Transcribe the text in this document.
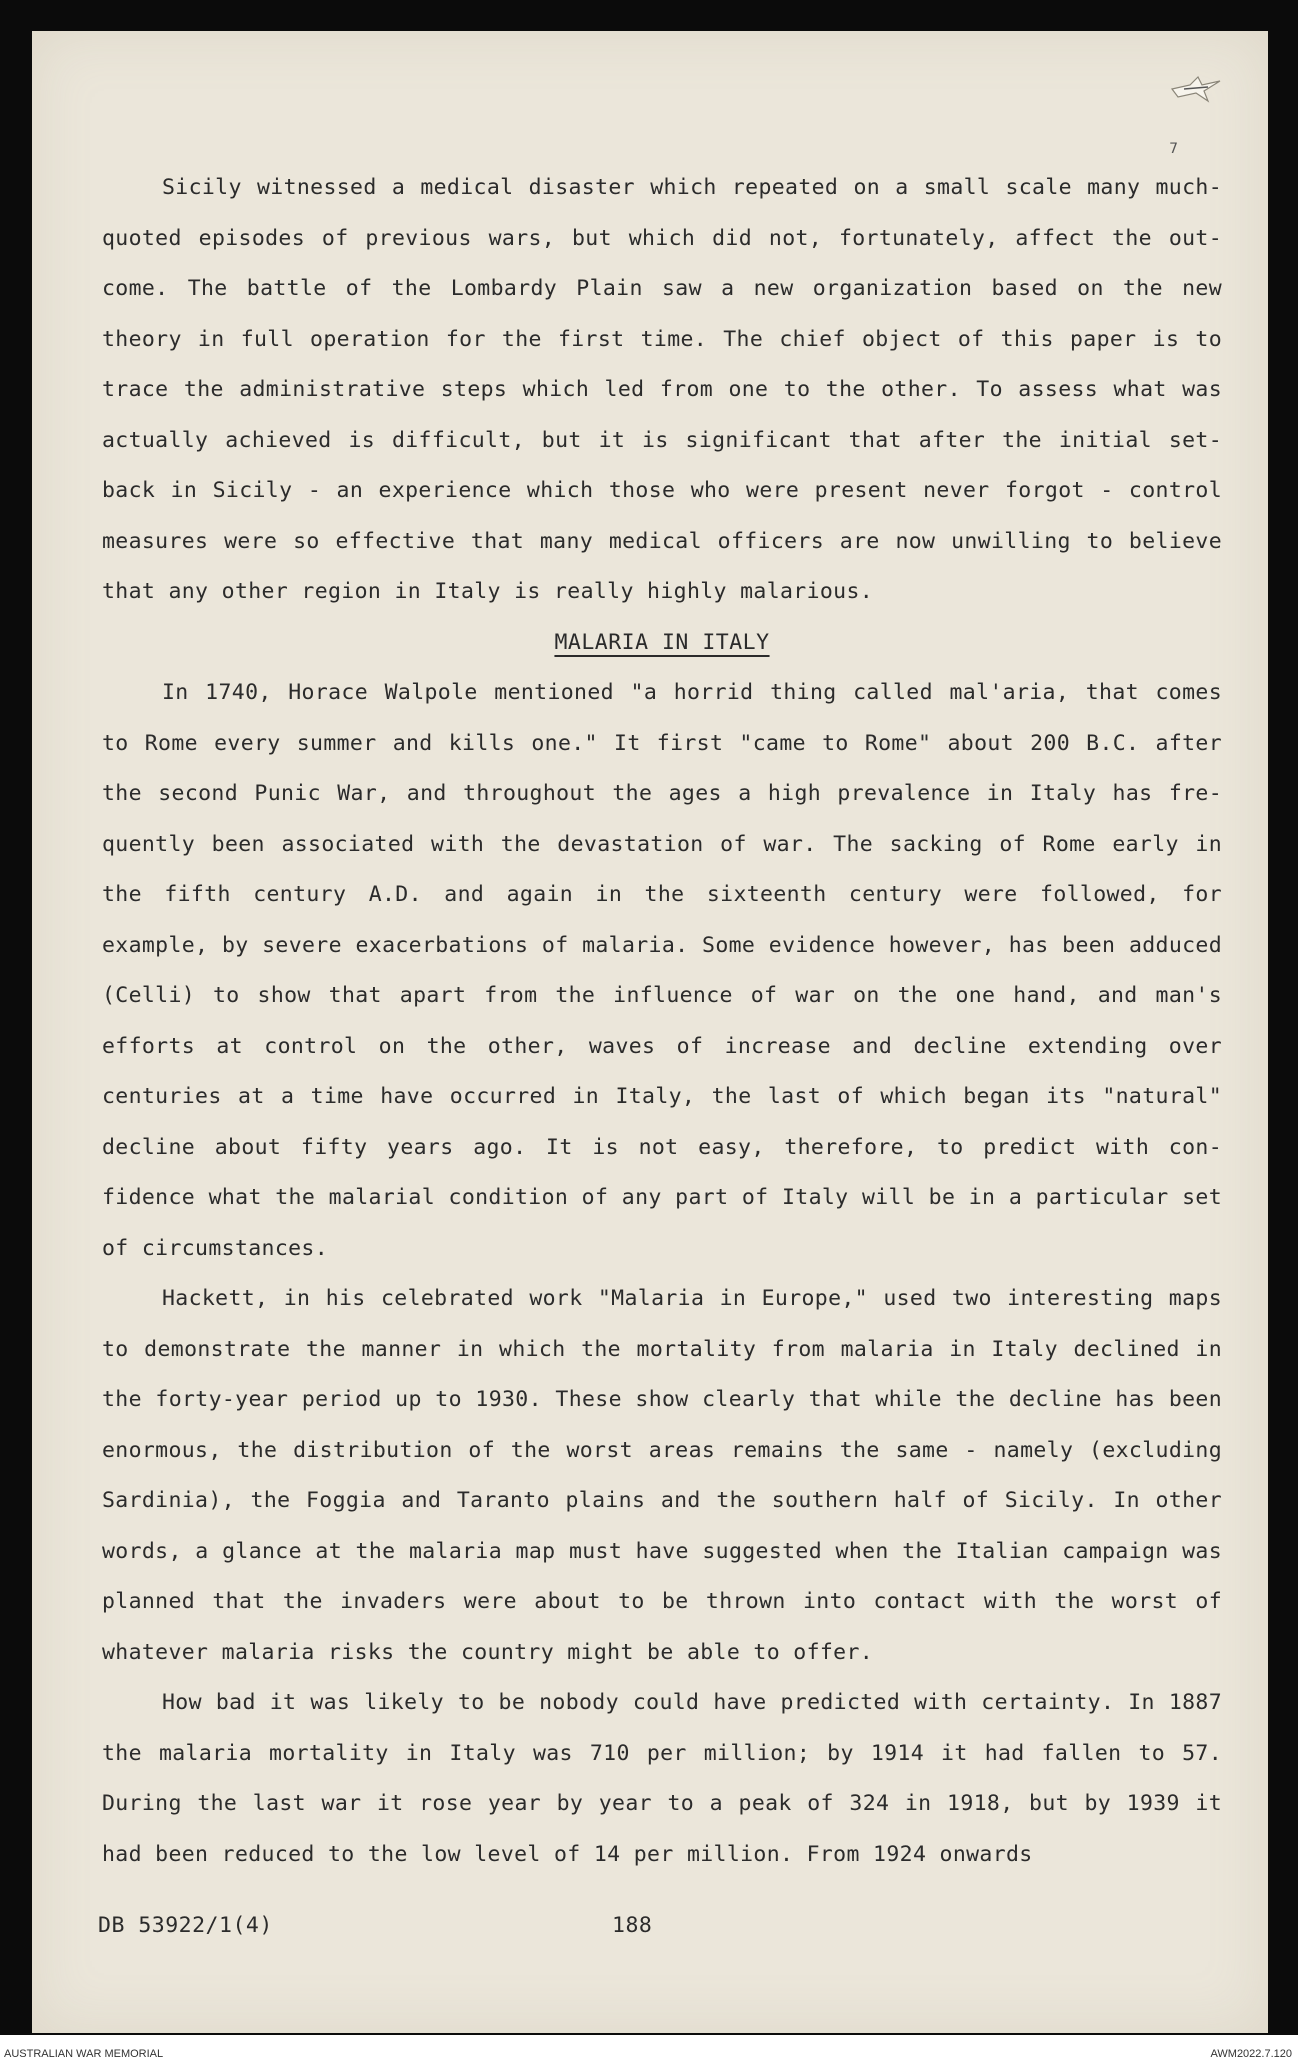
7

Sicily witnessed a medical disaster which repeated on a small scale many much-quoted episodes of previous wars, but which did not, fortunately, affect the out-come. The battle of the Lombardy Plain saw a new organization based on the new theory in full operation for the first time. The chief object of this paper is to trace the administrative steps which led from one to the other. To assess what was actually achieved is difficult, but it is significant that after the initial set-back in Sicily - an experience which those who were present never forgot - control measures were so effective that many medical officers are now unwilling to believe that any other region in Italy is really highly malarious.

MALARIA IN ITALY

In 1740, Horace Walpole mentioned "a horrid thing called mal'aria, that comes to Rome every summer and kills one." It first "came to Rome" about 200 B.C. after the second Punic War, and throughout the ages a high prevalence in Italy has fre-quently been associated with the devastation of war. The sacking of Rome early in the fifth century A.D. and again in the sixteenth century were followed, for example, by severe exacerbations of malaria. Some evidence however, has been adduced (Celli) to show that apart from the influence of war on the one hand, and man's efforts at control on the other, waves of increase and decline extending over centuries at a time have occurred in Italy, the last of which began its "natural" decline about fifty years ago. It is not easy, therefore, to predict with con-fidence what the malarial condition of any part of Italy will be in a particular set of circumstances.

Hackett, in his celebrated work "Malaria in Europe," used two interesting maps to demonstrate the manner in which the mortality from malaria in Italy declined in the forty-year period up to 1930. These show clearly that while the decline has been enormous, the distribution of the worst areas remains the same - namely (excluding Sardinia), the Foggia and Taranto plains and the southern half of Sicily. In other words, a glance at the malaria map must have suggested when the Italian campaign was planned that the invaders were about to be thrown into contact with the worst of whatever malaria risks the country might be able to offer.

How bad it was likely to be nobody could have predicted with certainty. In 1887 the malaria mortality in Italy was 710 per million; by 1914 it had fallen to 57. During the last war it rose year by year to a peak of 324 in 1918, but by 1939 it had been reduced to the low level of 14 per million. From 1924 onwards

DB 53922/1(4)	188
AUSTRALIAN WAR MEMORIAL	AWM2022.7.120
